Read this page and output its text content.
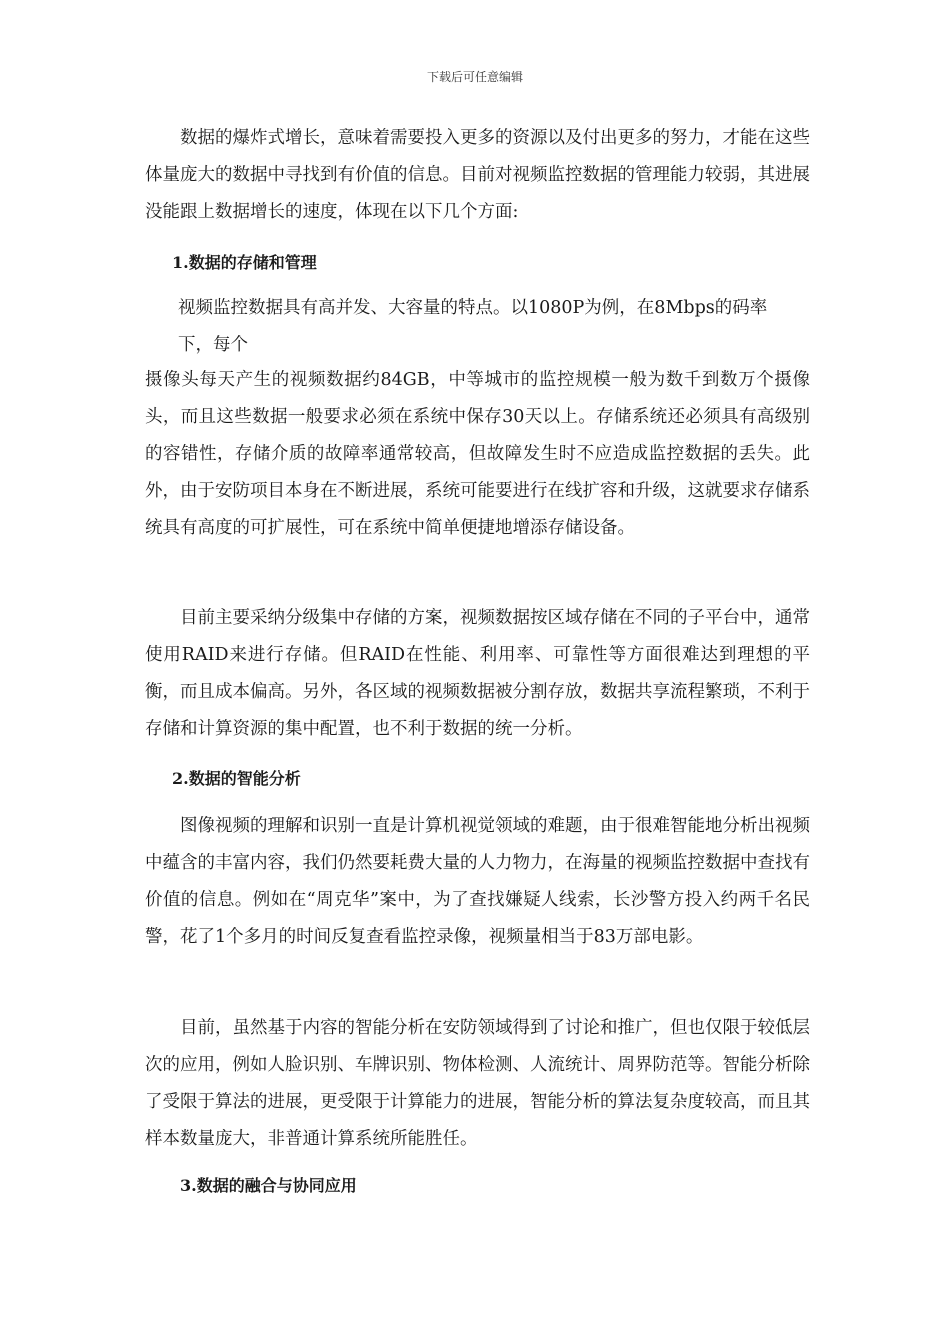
下载后可任意编辑

数据的爆炸式增长，意味着需要投入更多的资源以及付出更多的努力，才能在这些体量庞大的数据中寻找到有价值的信息。目前对视频监控数据的管理能力较弱，其进展没能跟上数据增长的速度，体现在以下几个方面:

1.数据的存储和管理

视频监控数据具有高并发、大容量的特点。以1080P为例，在8Mbps的码率

下，每个

摄像头每天产生的视频数据约84GB，中等城市的监控规模一般为数千到数万个摄像头，而且这些数据一般要求必须在系统中保存30天以上。存储系统还必须具有高级别的容错性，存储介质的故障率通常较高，但故障发生时不应造成监控数据的丢失。此外，由于安防项目本身在不断进展，系统可能要进行在线扩容和升级，这就要求存储系统具有高度的可扩展性，可在系统中简单便捷地增添存储设备。

目前主要采纳分级集中存储的方案，视频数据按区域存储在不同的子平台中，通常使用RAID来进行存储。但RAID在性能、利用率、可靠性等方面很难达到理想的平衡，而且成本偏高。另外，各区域的视频数据被分割存放，数据共享流程繁琐，不利于存储和计算资源的集中配置，也不利于数据的统一分析。

2.数据的智能分析

图像视频的理解和识别一直是计算机视觉领域的难题，由于很难智能地分析出视频中蕴含的丰富内容，我们仍然要耗费大量的人力物力，在海量的视频监控数据中查找有价值的信息。例如在“周克华”案中，为了查找嫌疑人线索，长沙警方投入约两千名民警，花了1个多月的时间反复查看监控录像，视频量相当于83万部电影。

目前，虽然基于内容的智能分析在安防领域得到了讨论和推广，但也仅限于较低层次的应用，例如人脸识别、车牌识别、物体检测、人流统计、周界防范等。智能分析除了受限于算法的进展，更受限于计算能力的进展，智能分析的算法复杂度较高，而且其样本数量庞大，非普通计算系统所能胜任。

3.数据的融合与协同应用
